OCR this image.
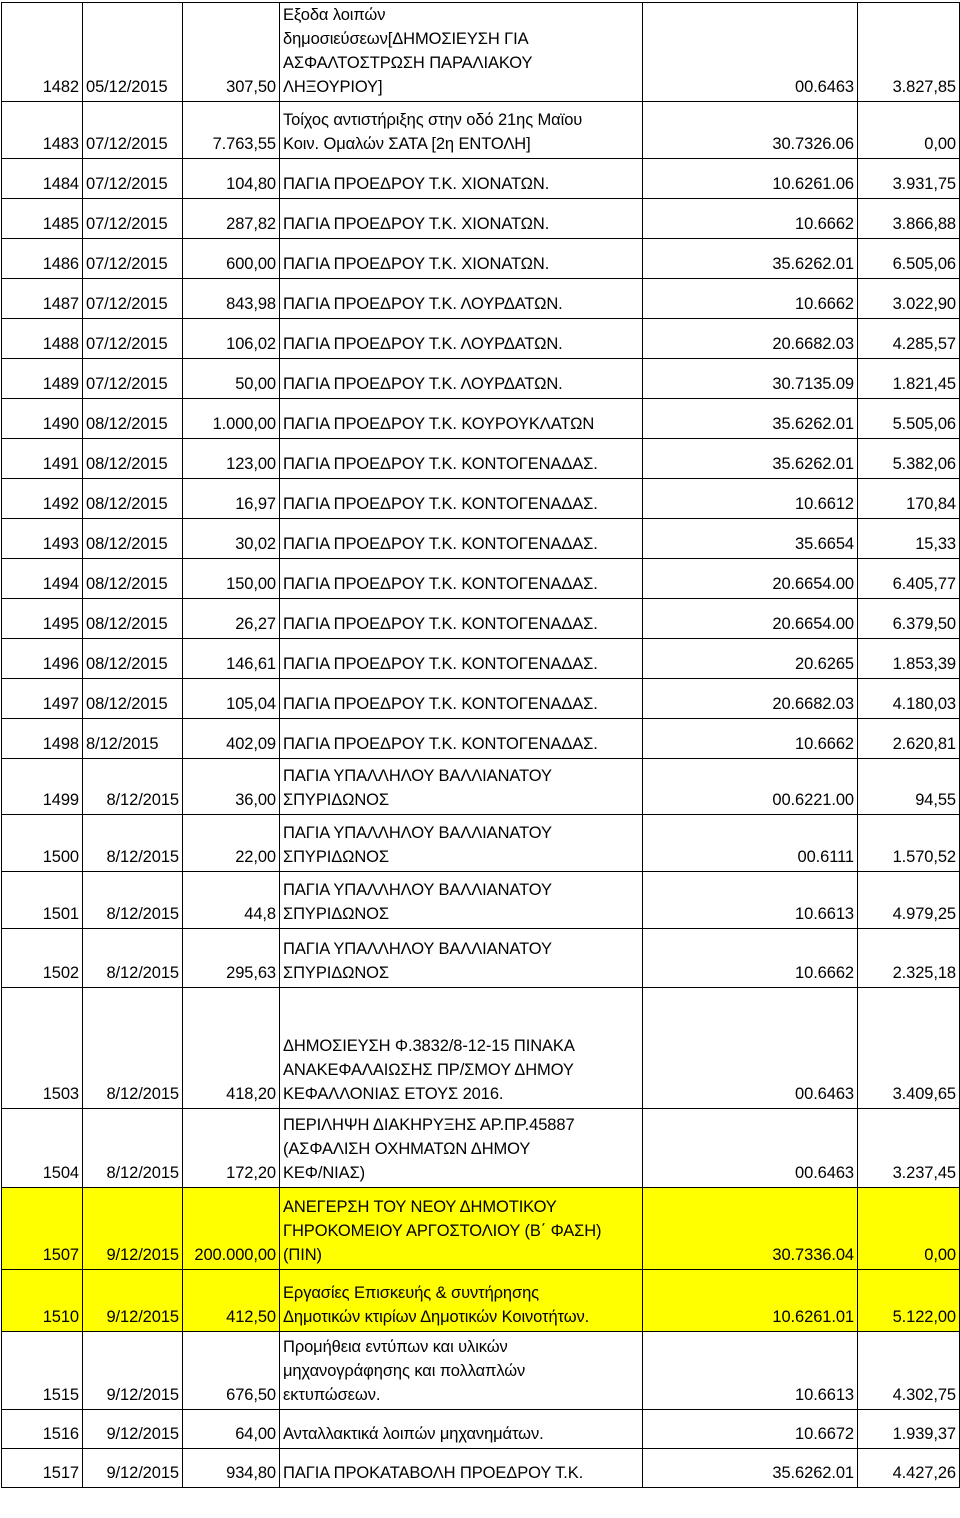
1482	05/12/2015	307,50	Εξοδα λοιπών
δημοσιεύσεων[ΔΗΜΟΣΙΕΥΣΗ ΓΙΑ
ΑΣΦΑΛΤΟΣΤΡΩΣΗ ΠΑΡΑΛΙΑΚΟΥ
ΛΗΞΟΥΡΙΟΥ]	00.6463	3.827,85
1483	07/12/2015	7.763,55	Τοίχος αντιστήριξης στην οδό 21ης Μαϊου
Κοιν. Ομαλών ΣΑΤΑ [2η ΕΝΤΟΛΗ]	30.7326.06	0,00
1484	07/12/2015	104,80	ΠΑΓΙΑ ΠΡΟΕΔΡΟΥ Τ.Κ. ΧΙΟΝΑΤΩΝ.	10.6261.06	3.931,75
1485	07/12/2015	287,82	ΠΑΓΙΑ ΠΡΟΕΔΡΟΥ Τ.Κ. ΧΙΟΝΑΤΩΝ.	10.6662	3.866,88
1486	07/12/2015	600,00	ΠΑΓΙΑ ΠΡΟΕΔΡΟΥ Τ.Κ. ΧΙΟΝΑΤΩΝ.	35.6262.01	6.505,06
1487	07/12/2015	843,98	ΠΑΓΙΑ ΠΡΟΕΔΡΟΥ Τ.Κ. ΛΟΥΡΔΑΤΩΝ.	10.6662	3.022,90
1488	07/12/2015	106,02	ΠΑΓΙΑ ΠΡΟΕΔΡΟΥ Τ.Κ. ΛΟΥΡΔΑΤΩΝ.	20.6682.03	4.285,57
1489	07/12/2015	50,00	ΠΑΓΙΑ ΠΡΟΕΔΡΟΥ Τ.Κ. ΛΟΥΡΔΑΤΩΝ.	30.7135.09	1.821,45
1490	08/12/2015	1.000,00	ΠΑΓΙΑ ΠΡΟΕΔΡΟΥ Τ.Κ. ΚΟΥΡΟΥΚΛΑΤΩΝ	35.6262.01	5.505,06
1491	08/12/2015	123,00	ΠΑΓΙΑ ΠΡΟΕΔΡΟΥ Τ.Κ. ΚΟΝΤΟΓΕΝΑΔΑΣ.	35.6262.01	5.382,06
1492	08/12/2015	16,97	ΠΑΓΙΑ ΠΡΟΕΔΡΟΥ Τ.Κ. ΚΟΝΤΟΓΕΝΑΔΑΣ.	10.6612	170,84
1493	08/12/2015	30,02	ΠΑΓΙΑ ΠΡΟΕΔΡΟΥ Τ.Κ. ΚΟΝΤΟΓΕΝΑΔΑΣ.	35.6654	15,33
1494	08/12/2015	150,00	ΠΑΓΙΑ ΠΡΟΕΔΡΟΥ Τ.Κ. ΚΟΝΤΟΓΕΝΑΔΑΣ.	20.6654.00	6.405,77
1495	08/12/2015	26,27	ΠΑΓΙΑ ΠΡΟΕΔΡΟΥ Τ.Κ. ΚΟΝΤΟΓΕΝΑΔΑΣ.	20.6654.00	6.379,50
1496	08/12/2015	146,61	ΠΑΓΙΑ ΠΡΟΕΔΡΟΥ Τ.Κ. ΚΟΝΤΟΓΕΝΑΔΑΣ.	20.6265	1.853,39
1497	08/12/2015	105,04	ΠΑΓΙΑ ΠΡΟΕΔΡΟΥ Τ.Κ. ΚΟΝΤΟΓΕΝΑΔΑΣ.	20.6682.03	4.180,03
1498	8/12/2015	402,09	ΠΑΓΙΑ ΠΡΟΕΔΡΟΥ Τ.Κ. ΚΟΝΤΟΓΕΝΑΔΑΣ.	10.6662	2.620,81
1499	8/12/2015	36,00	ΠΑΓΙΑ ΥΠΑΛΛΗΛΟΥ ΒΑΛΛΙΑΝΑΤΟΥ
ΣΠΥΡΙΔΩΝΟΣ	00.6221.00	94,55
1500	8/12/2015	22,00	ΠΑΓΙΑ ΥΠΑΛΛΗΛΟΥ ΒΑΛΛΙΑΝΑΤΟΥ
ΣΠΥΡΙΔΩΝΟΣ	00.6111	1.570,52
1501	8/12/2015	44,8	ΠΑΓΙΑ ΥΠΑΛΛΗΛΟΥ ΒΑΛΛΙΑΝΑΤΟΥ
ΣΠΥΡΙΔΩΝΟΣ	10.6613	4.979,25
1502	8/12/2015	295,63	ΠΑΓΙΑ ΥΠΑΛΛΗΛΟΥ ΒΑΛΛΙΑΝΑΤΟΥ
ΣΠΥΡΙΔΩΝΟΣ	10.6662	2.325,18
1503	8/12/2015	418,20	ΔΗΜΟΣΙΕΥΣΗ Φ.3832/8-12-15 ΠΙΝΑΚΑ
ΑΝΑΚΕΦΑΛΑΙΩΣΗΣ ΠΡ/ΣΜΟΥ ΔΗΜΟΥ
ΚΕΦΑΛΛΟΝΙΑΣ ΕΤΟΥΣ 2016.	00.6463	3.409,65
1504	8/12/2015	172,20	ΠΕΡΙΛΗΨΗ ΔΙΑΚΗΡΥΞΗΣ ΑΡ.ΠΡ.45887
(ΑΣΦΑΛΙΣΗ ΟΧΗΜΑΤΩΝ ΔΗΜΟΥ
ΚΕΦ/ΝΙΑΣ)	00.6463	3.237,45
1507	9/12/2015	200.000,00	ΑΝΕΓΕΡΣΗ ΤΟΥ ΝΕΟΥ ΔΗΜΟΤΙΚΟΥ
ΓΗΡΟΚΟΜΕΙΟΥ ΑΡΓΟΣΤΟΛΙΟΥ (Β΄ ΦΑΣΗ)
(ΠΙΝ)	30.7336.04	0,00
1510	9/12/2015	412,50	Εργασίες Επισκευής & συντήρησης
Δημοτικών κτιρίων Δημοτικών Κοινοτήτων.	10.6261.01	5.122,00
1515	9/12/2015	676,50	Προμήθεια εντύπων και υλικών
μηχανογράφησης και πολλαπλών
εκτυπώσεων.	10.6613	4.302,75
1516	9/12/2015	64,00	Ανταλλακτικά λοιπών μηχανημάτων.	10.6672	1.939,37
1517	9/12/2015	934,80	ΠΑΓΙΑ ΠΡΟΚΑΤΑΒΟΛΗ ΠΡΟΕΔΡΟΥ Τ.Κ.	35.6262.01	4.427,26
